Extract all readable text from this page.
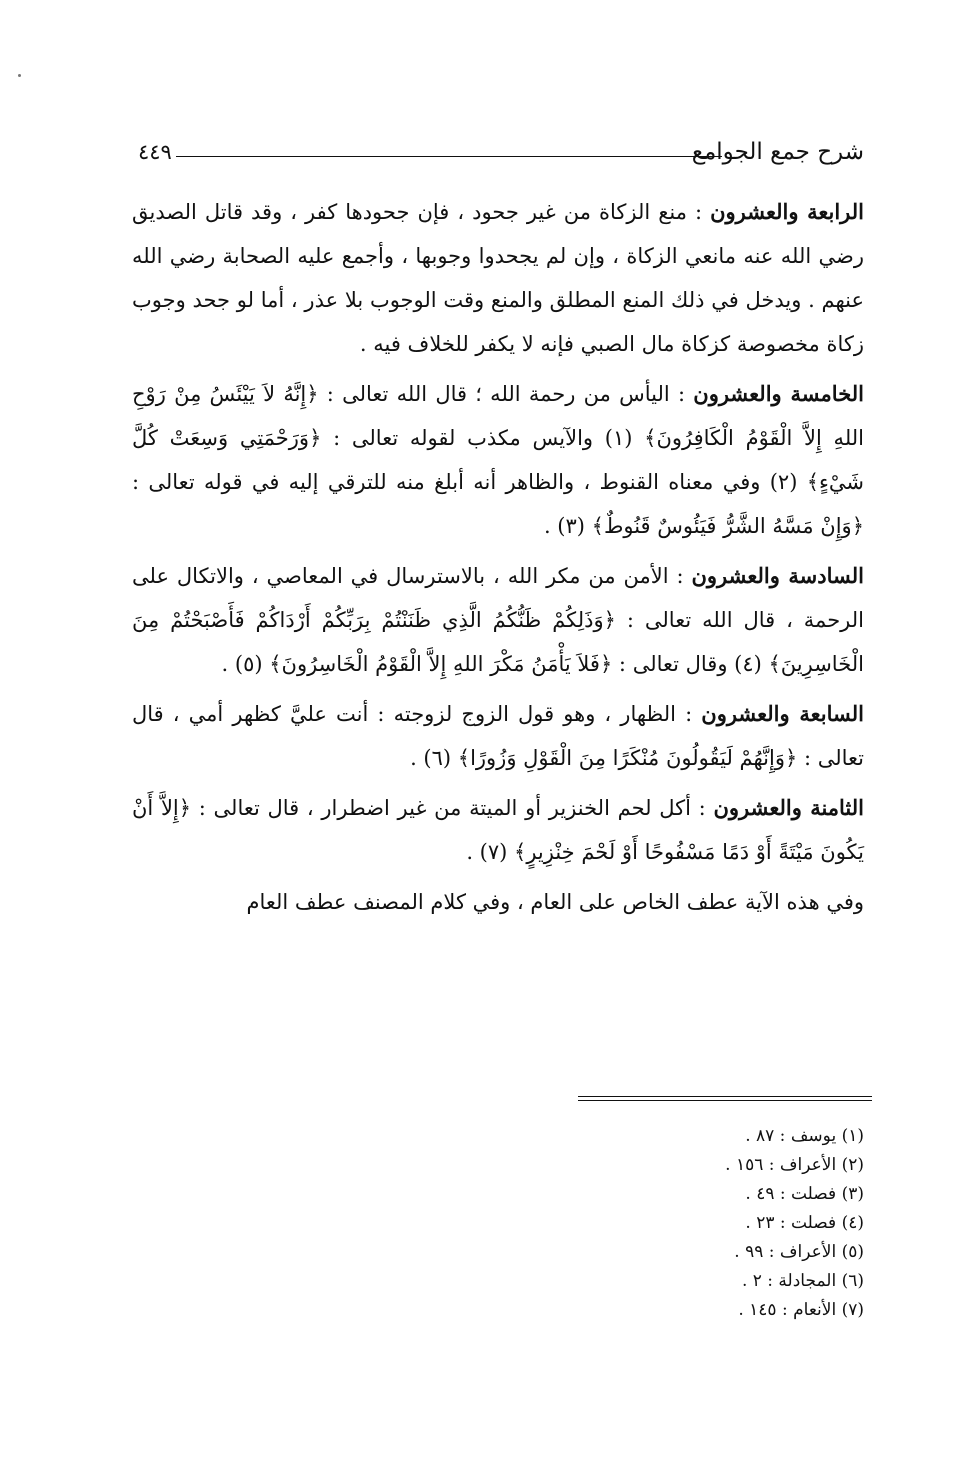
شرح جمع الجوامع
٤٤٩

الرابعة والعشرون : منع الزكاة من غير جحود ، فإن جحودها كفر ، وقد قاتل الصديق رضي الله عنه مانعي الزكاة ، وإن لم يجحدوا وجوبها ، وأجمع عليه الصحابة رضي الله عنهم . ويدخل في ذلك المنع المطلق والمنع وقت الوجوب بلا عذر ، أما لو جحد وجوب زكاة مخصوصة كزكاة مال الصبي فإنه لا يكفر للخلاف فيه .

الخامسة والعشرون : اليأس من رحمة الله ؛ قال الله تعالى : ﴿إِنَّهُ لاَ يَيْئَسُ مِنْ رَوْحِ اللهِ إِلاَّ الْقَوْمُ الْكَافِرُونَ﴾ (١) والآيس مكذب لقوله تعالى : ﴿وَرَحْمَتِي وَسِعَتْ كُلَّ شَيْءٍ﴾ (٢) وفي معناه القنوط ، والظاهر أنه أبلغ منه للترقي إليه في قوله تعالى : ﴿وَإِنْ مَسَّهُ الشَّرُّ فَيَئُوسٌ قَنُوطٌ﴾ (٣) .

السادسة والعشرون : الأمن من مكر الله ، بالاسترسال في المعاصي ، والاتكال على الرحمة ، قال الله تعالى : ﴿وَذَلِكُمْ ظَنُّكُمُ الَّذِي ظَنَنْتُمْ بِرَبِّكُمْ أَرْدَاكُمْ فَأَصْبَحْتُمْ مِنَ الْخَاسِرِينَ﴾ (٤) وقال تعالى : ﴿فَلاَ يَأْمَنُ مَكْرَ اللهِ إِلاَّ الْقَوْمُ الْخَاسِرُونَ﴾ (٥) .

السابعة والعشرون : الظهار ، وهو قول الزوج لزوجته : أنت عليَّ كظهر أمي ، قال تعالى : ﴿وَإِنَّهُمْ لَيَقُولُونَ مُنْكَرًا مِنَ الْقَوْلِ وَزُورًا﴾ (٦) .

الثامنة والعشرون : أكل لحم الخنزير أو الميتة من غير اضطرار ، قال تعالى : ﴿إِلاَّ أَنْ يَكُونَ مَيْتَةً أَوْ دَمًا مَسْفُوحًا أَوْ لَحْمَ خِنْزِيرٍ﴾ (٧) .

وفي هذه الآية عطف الخاص على العام ، وفي كلام المصنف عطف العام

(١) يوسف : ٨٧ .
(٢) الأعراف : ١٥٦ .
(٣) فصلت : ٤٩ .
(٤) فصلت : ٢٣ .
(٥) الأعراف : ٩٩ .
(٦) المجادلة : ٢ .
(٧) الأنعام : ١٤٥ .
